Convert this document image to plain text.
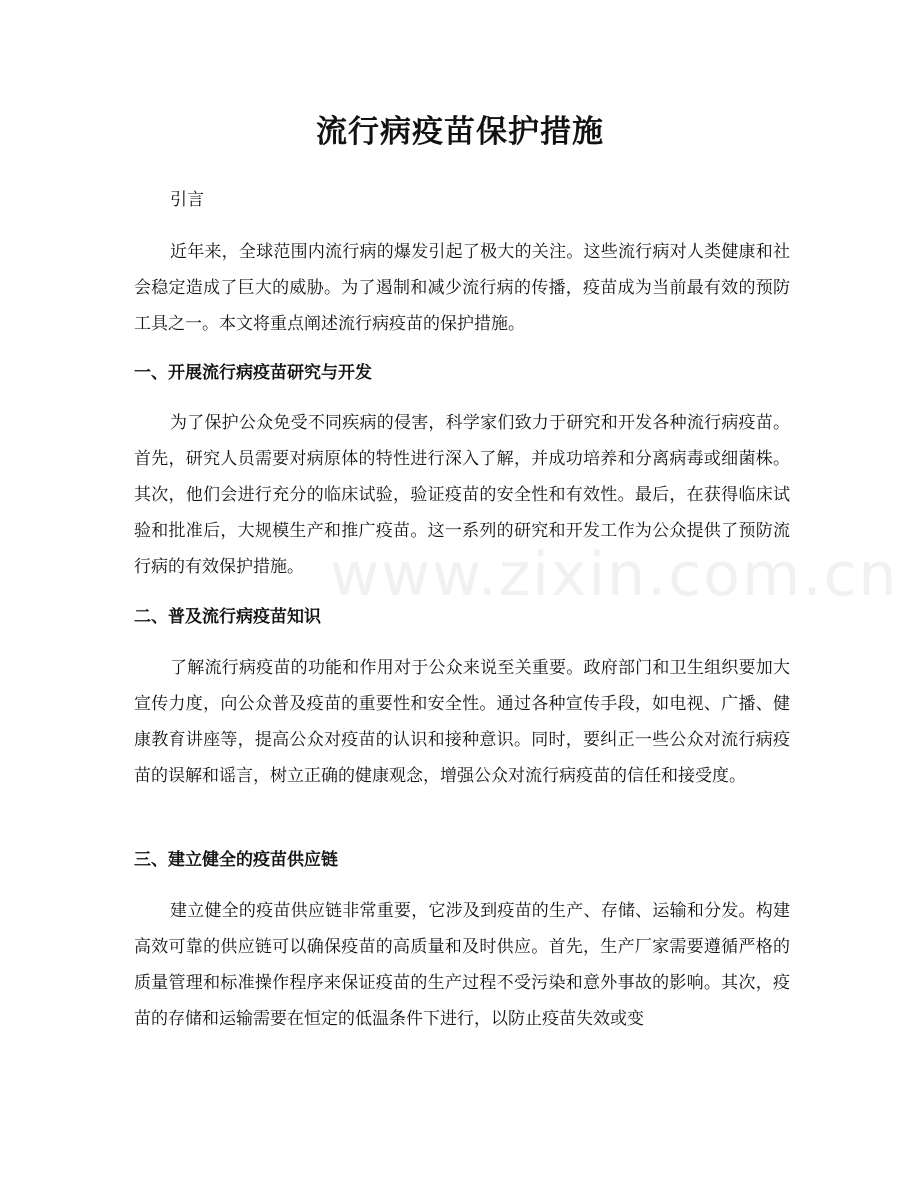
流行病疫苗保护措施
引言

近年来，全球范围内流行病的爆发引起了极大的关注。这些流行病对人类健康和社会稳定造成了巨大的威胁。为了遏制和减少流行病的传播，疫苗成为当前最有效的预防工具之一。本文将重点阐述流行病疫苗的保护措施。

一、开展流行病疫苗研究与开发

为了保护公众免受不同疾病的侵害，科学家们致力于研究和开发各种流行病疫苗。首先，研究人员需要对病原体的特性进行深入了解，并成功培养和分离病毒或细菌株。其次，他们会进行充分的临床试验，验证疫苗的安全性和有效性。最后，在获得临床试验和批准后，大规模生产和推广疫苗。这一系列的研究和开发工作为公众提供了预防流行病的有效保护措施。

二、普及流行病疫苗知识

了解流行病疫苗的功能和作用对于公众来说至关重要。政府部门和卫生组织要加大宣传力度，向公众普及疫苗的重要性和安全性。通过各种宣传手段，如电视、广播、健康教育讲座等，提高公众对疫苗的认识和接种意识。同时，要纠正一些公众对流行病疫苗的误解和谣言，树立正确的健康观念，增强公众对流行病疫苗的信任和接受度。

三、建立健全的疫苗供应链

建立健全的疫苗供应链非常重要，它涉及到疫苗的生产、存储、运输和分发。构建高效可靠的供应链可以确保疫苗的高质量和及时供应。首先，生产厂家需要遵循严格的质量管理和标准操作程序来保证疫苗的生产过程不受污染和意外事故的影响。其次，疫苗的存储和运输需要在恒定的低温条件下进行，以防止疫苗失效或变

www.zixin.com.cn
